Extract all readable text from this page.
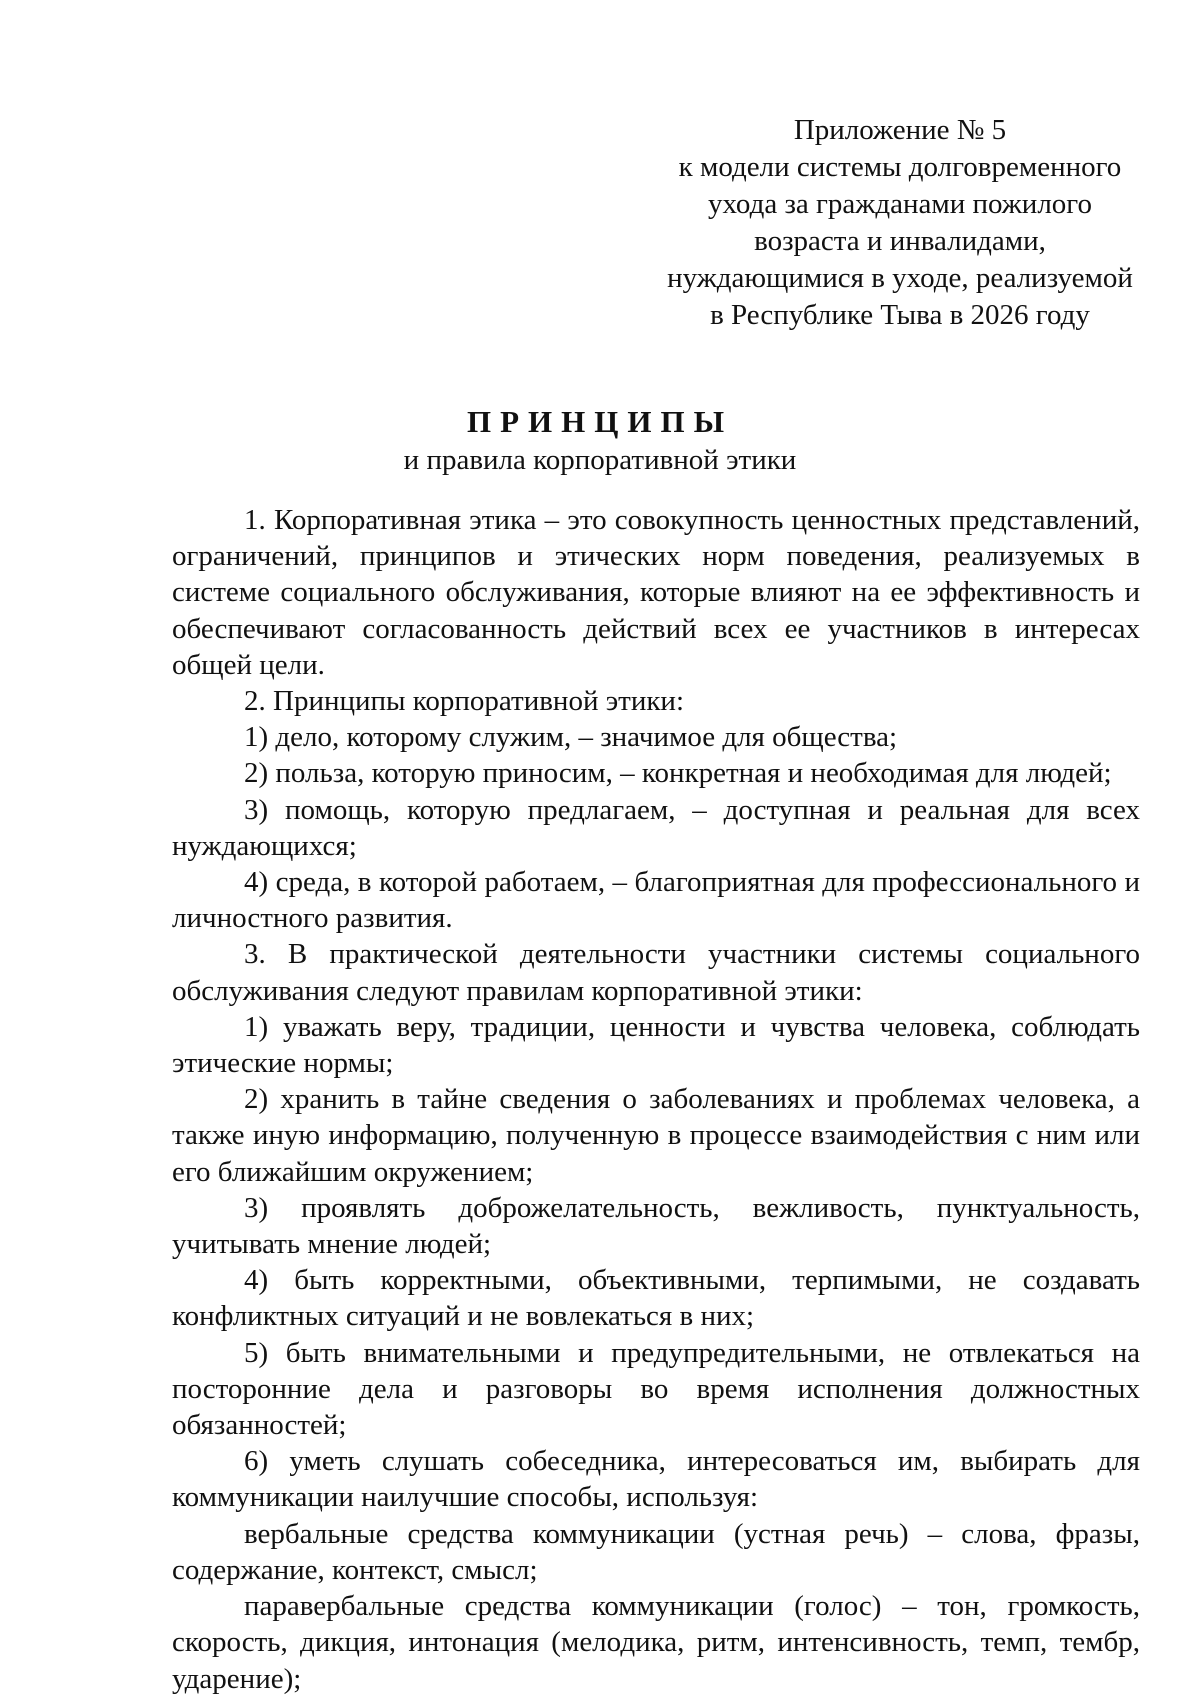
Приложение № 5
к модели системы долговременного
ухода за гражданами пожилого
возраста и инвалидами,
нуждающимися в уходе, реализуемой
в Республике Тыва в 2026 году
ПРИНЦИПЫ
и правила корпоративной этики

1. Корпоративная этика – это совокупность ценностных представлений, ограничений, принципов и этических норм поведения, реализуемых в системе социального обслуживания, которые влияют на ее эффективность и обеспечивают согласованность действий всех ее участников в интересах общей цели.

2. Принципы корпоративной этики:

1) дело, которому служим, – значимое для общества;

2) польза, которую приносим, – конкретная и необходимая для людей;

3) помощь, которую предлагаем, – доступная и реальная для всех нуждающихся;

4) среда, в которой работаем, – благоприятная для профессионального и личностного развития.

3. В практической деятельности участники системы социального обслуживания следуют правилам корпоративной этики:

1) уважать веру, традиции, ценности и чувства человека, соблюдать этические нормы;

2) хранить в тайне сведения о заболеваниях и проблемах человека, а также иную информацию, полученную в процессе взаимодействия с ним или его ближайшим окружением;

3) проявлять доброжелательность, вежливость, пунктуальность, учитывать мнение людей;

4) быть корректными, объективными, терпимыми, не создавать конфликтных ситуаций и не вовлекаться в них;

5) быть внимательными и предупредительными, не отвлекаться на посторонние дела и разговоры во время исполнения должностных обязанностей;

6) уметь слушать собеседника, интересоваться им, выбирать для коммуникации наилучшие способы, используя:

вербальные средства коммуникации (устная речь) – слова, фразы, содержание, контекст, смысл;

паравербальные средства коммуникации (голос) – тон, громкость, скорость, дикция, интонация (мелодика, ритм, интенсивность, темп, тембр, ударение);
